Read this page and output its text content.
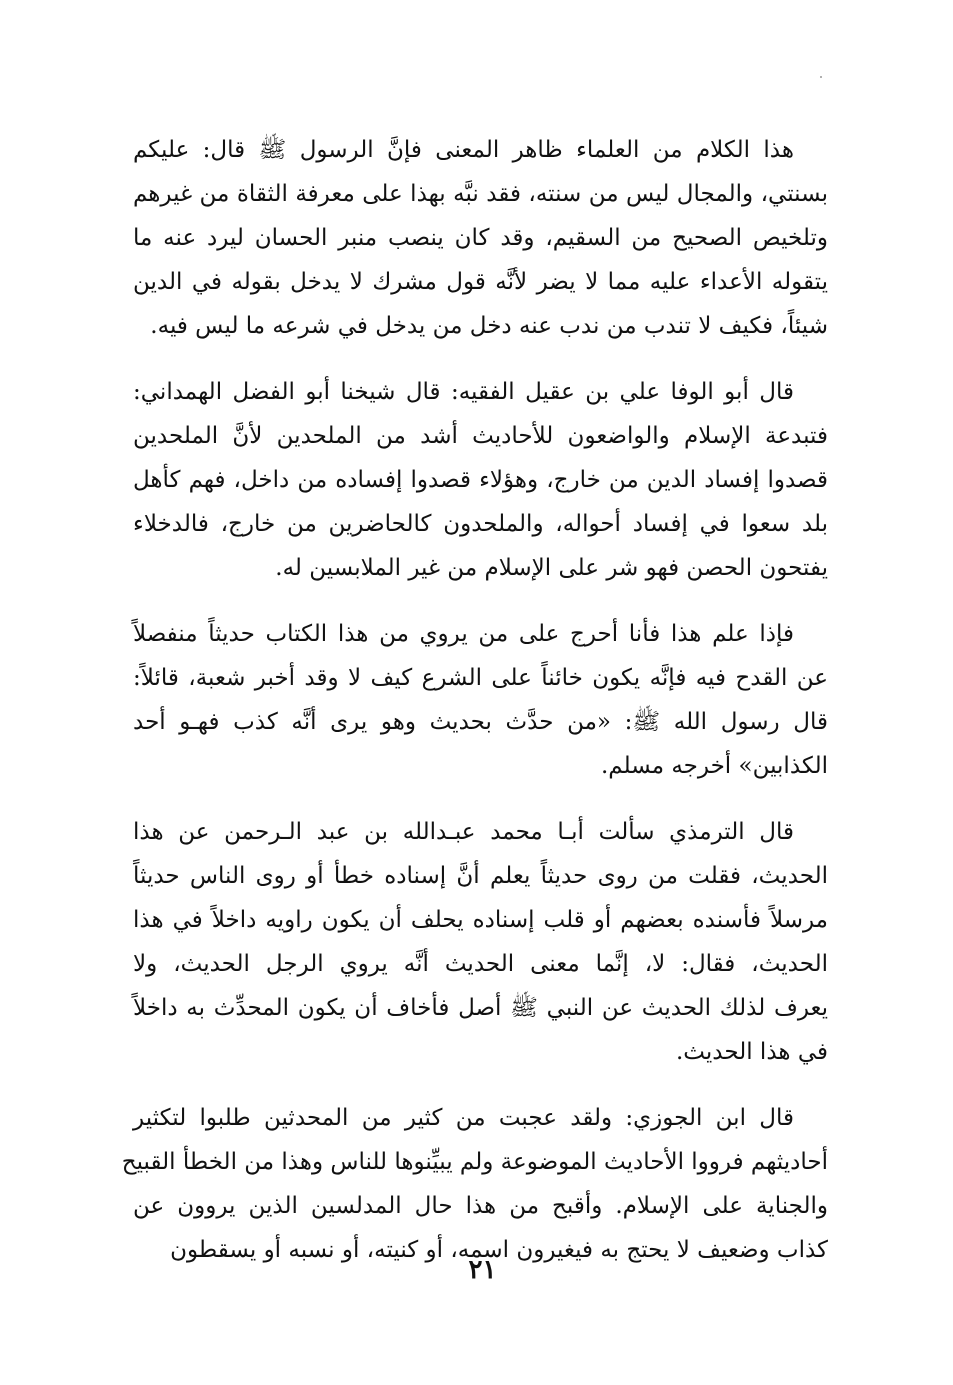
هذا الكلام من العلماء ظاهر المعنى فإنَّ الرسول ﷺ قال: عليكم
بسنتي، والمجال ليس من سنته، فقد نبَّه بهذا على معرفة الثقاة من غيرهم
وتلخيص الصحيح من السقيم، وقد كان ينصب منبر الحسان ليرد عنه ما
يتقوله الأعداء عليه مما لا يضر لأنَّه قول مشرك لا يدخل بقوله في الدين
شيئاً، فكيف لا تندب من ندب عنه دخل من يدخل في شرعه ما ليس فيه.
قال أبو الوفا علي بن عقيل الفقيه: قال شيخنا أبو الفضل الهمداني:
فتبدعة الإسلام والواضعون للأحاديث أشد من الملحدين لأنَّ الملحدين
قصدوا إفساد الدين من خارج، وهؤلاء قصدوا إفساده من داخل، فهم كأهل
بلد سعوا في إفساد أحواله، والملحدون كالحاضرين من خارج، فالدخلاء
يفتحون الحصن فهو شر على الإسلام من غير الملابسين له.
فإذا علم هذا فأنا أحرج على من يروي من هذا الكتاب حديثاً منفصلاً
عن القدح فيه فإنَّه يكون خائناً على الشرع كيف لا وقد أخبر شعبة، قائلاً:
قال رسول الله ﷺ: «من حدَّث بحديث وهو يرى أنَّه كذب فهـو أحد
الكذابين» أخرجه مسلم.
قال الترمذي سألت أبـا محمد عبـدالله بن عبد الـرحمن عن هذا
الحديث، فقلت من روى حديثاً يعلم أنَّ إسناده خطأ أو روى الناس حديثاً
مرسلاً فأسنده بعضهم أو قلب إسناده يحلف أن يكون راويه داخلاً في هذا
الحديث، فقال: لا، إنَّما معنى الحديث أنَّه يروي الرجل الحديث، ولا
يعرف لذلك الحديث عن النبي ﷺ أصل فأخاف أن يكون المحدِّث به داخلاً
في هذا الحديث.
قال ابن الجوزي: ولقد عجبت من كثير من المحدثين طلبوا لتكثير
أحاديثهم فرووا الأحاديث الموضوعة ولم يبيِّنوها للناس وهذا من الخطأ القبيح
والجناية على الإسلام. وأقبح من هذا حال المدلسين الذين يروون عن
كذاب وضعيف لا يحتج به فيغيرون اسمه، أو كنيته، أو نسبه أو يسقطون
٢١
